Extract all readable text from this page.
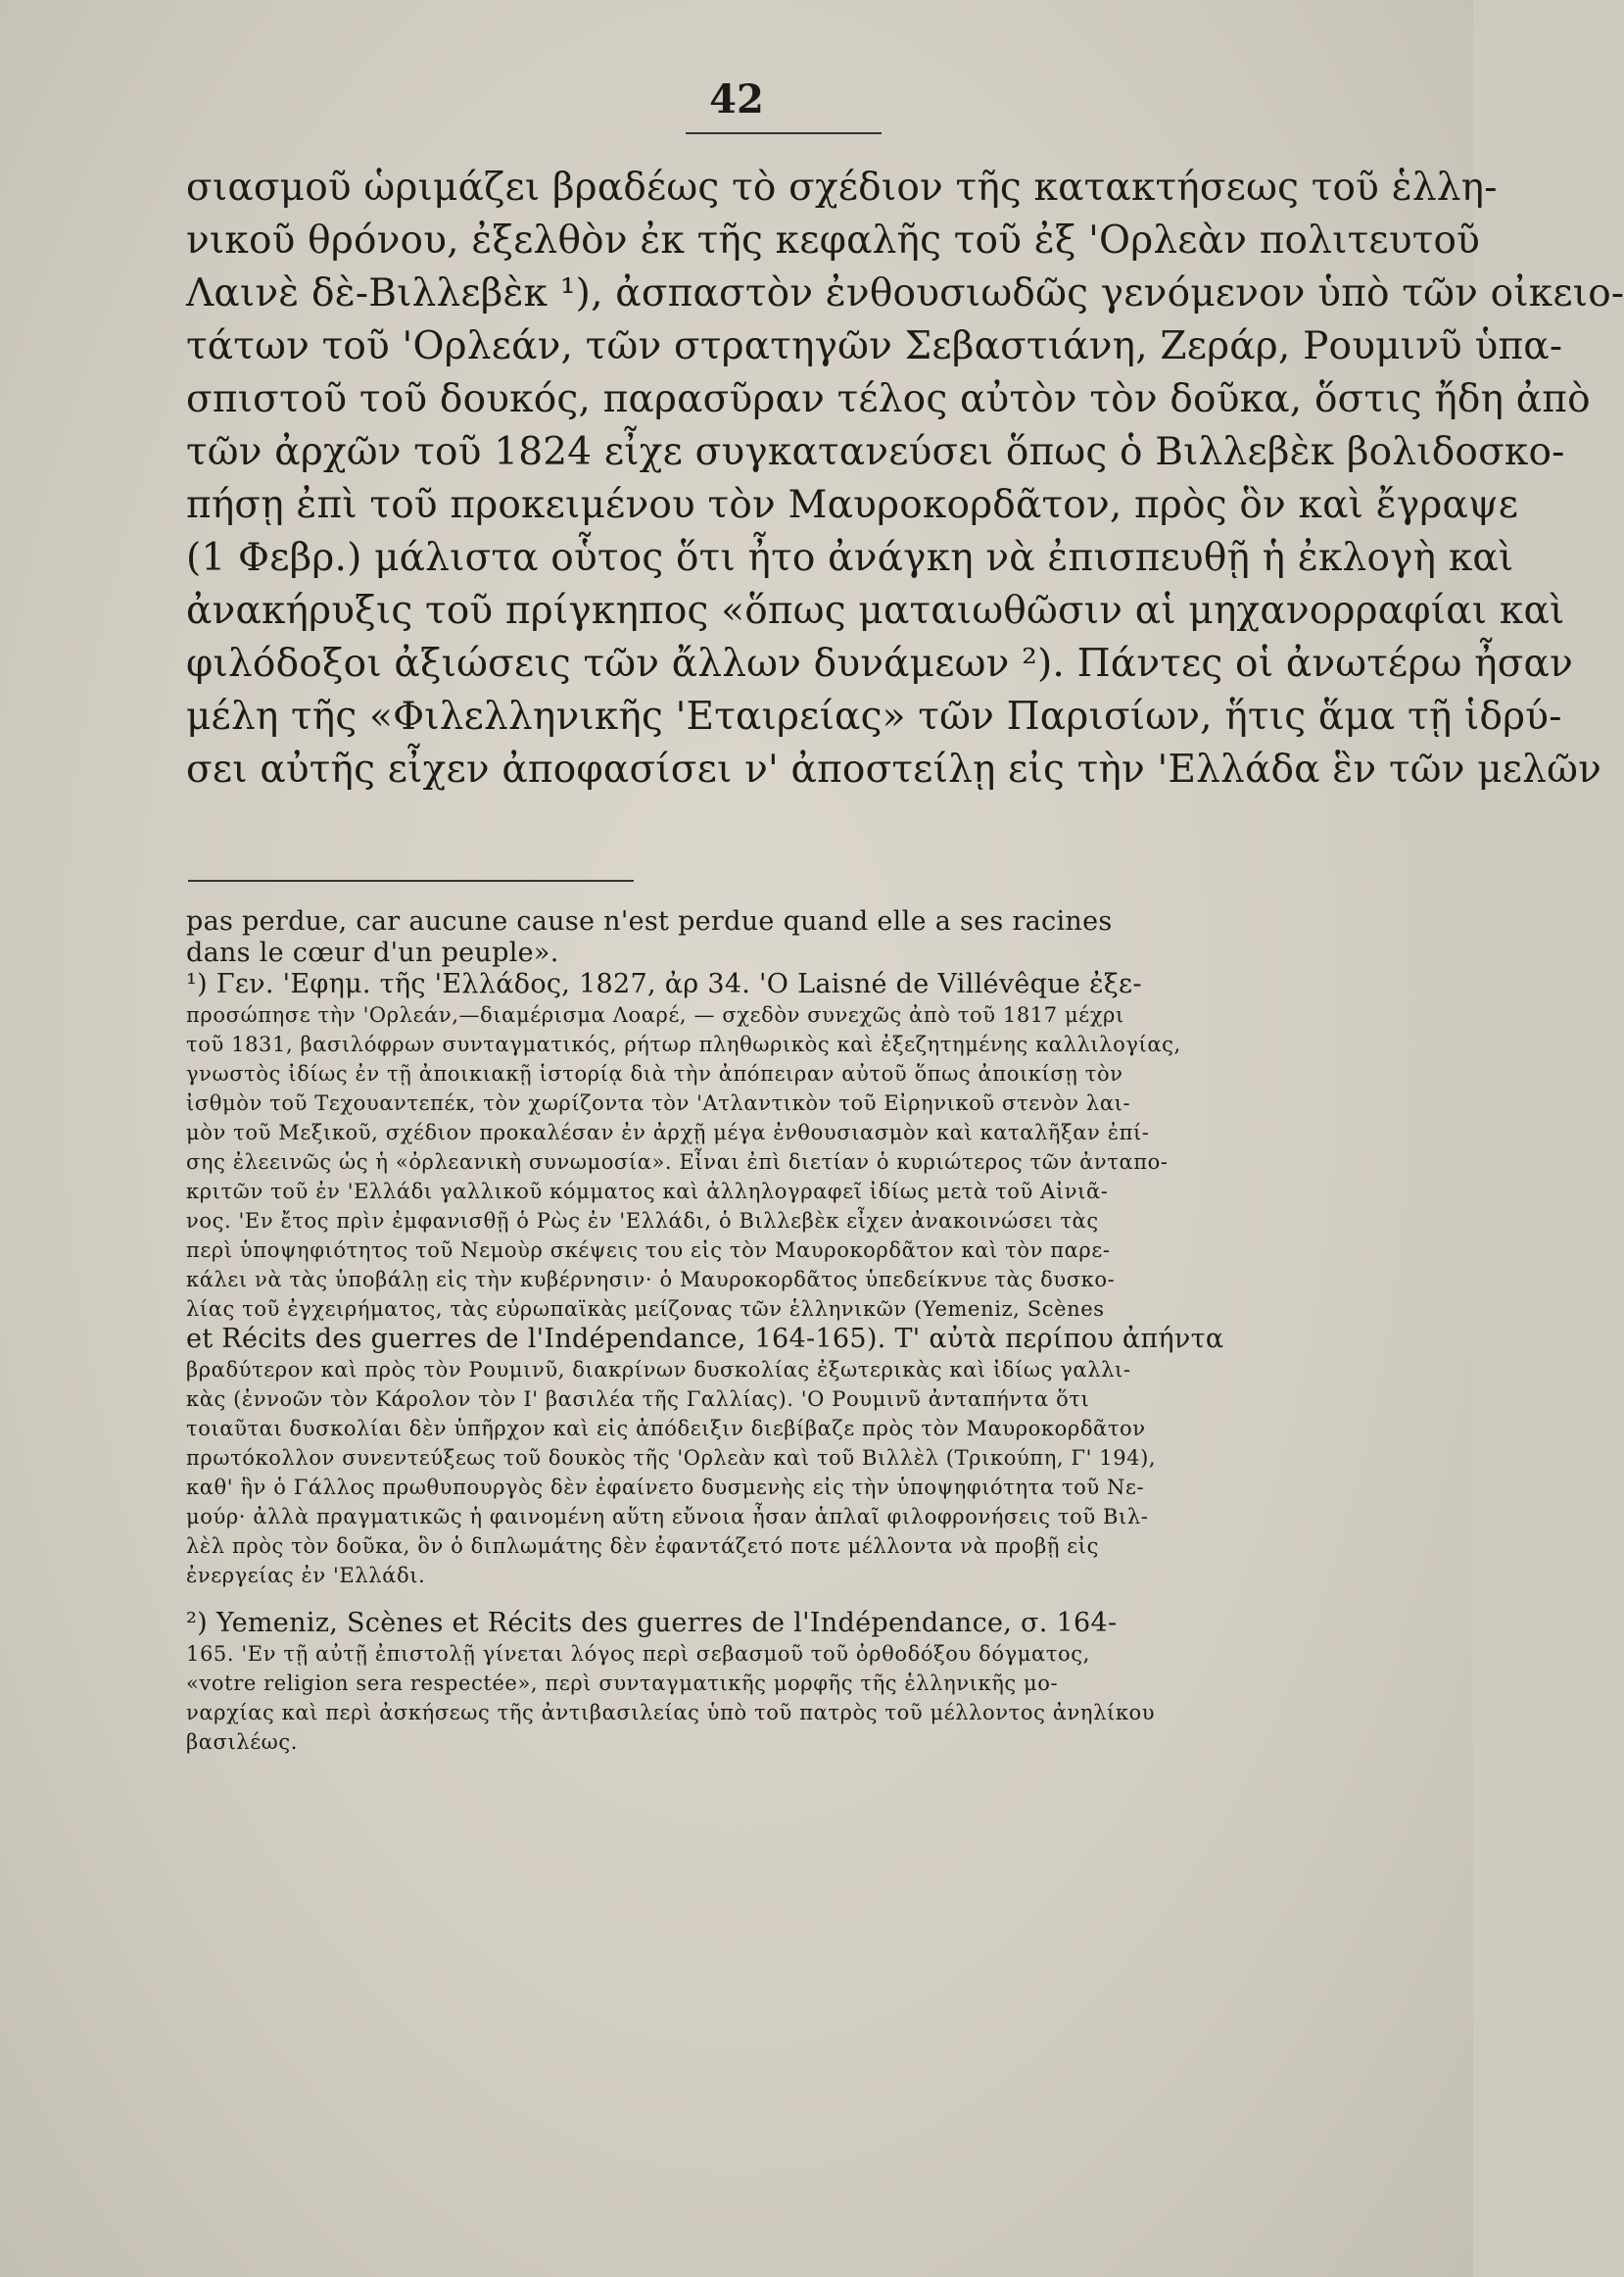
42
σιασμοῦ ὡριμάζει βραδέως τὸ σχέδιον τῆς κατακτήσεως τοῦ ἑλλη-
νικοῦ θρόνου, ἐξελθὸν ἐκ τῆς κεφαλῆς τοῦ ἐξ 'Ορλεὰν πολιτευτοῦ
Λαινὲ δὲ-Βιλλεβὲκ ¹), ἀσπαστὸν ἐνθουσιωδῶς γενόμενον ὑπὸ τῶν οἰκειο-
τάτων τοῦ 'Ορλεάν, τῶν στρατηγῶν Σεβαστιάνη, Ζεράρ, Ρουμινῦ ὑπα-
σπιστοῦ τοῦ δουκός, παρασῦραν τέλος αὐτὸν τὸν δοῦκα, ὅστις ἤδη ἀπὸ
τῶν ἀρχῶν τοῦ 1824 εἶχε συγκατανεύσει ὅπως ὁ Βιλλεβὲκ βολιδοσκο-
πήσῃ ἐπὶ τοῦ προκειμένου τὸν Μαυροκορδᾶτον, πρὸς ὃν καὶ ἔγραψε
(1 Φεβρ.) μάλιστα οὗτος ὅτι ἦτο ἀνάγκη νὰ ἐπισπευθῇ ἡ ἐκλογὴ καὶ
ἀνακήρυξις τοῦ πρίγκηπος «ὅπως ματαιωθῶσιν αἱ μηχανορραφίαι καὶ
φιλόδοξοι ἀξιώσεις τῶν ἄλλων δυνάμεων ²). Πάντες οἱ ἀνωτέρω ἦσαν
μέλη τῆς «Φιλελληνικῆς 'Εταιρείας» τῶν Παρισίων, ἥτις ἅμα τῇ ἱδρύ-
σει αὐτῆς εἶχεν ἀποφασίσει ν' ἀποστείλῃ εἰς τὴν 'Ελλάδα ἓν τῶν μελῶν
pas perdue, car aucune cause n'est perdue quand elle a ses racines
dans le cœur d'un peuple».
¹) Γεν. 'Εφημ. τῆς 'Ελλάδος, 1827, ἀρ 34. 'Ο Laisné de Villévêque ἐξε-
προσώπησε τὴν 'Ορλεάν,—διαμέρισμα Λοαρέ, — σχεδὸν συνεχῶς ἀπὸ τοῦ 1817 μέχρι
τοῦ 1831, βασιλόφρων συνταγματικός, ρήτωρ πληθωρικὸς καὶ ἐξεζητημένης καλλιλογίας,
γνωστὸς ἰδίως ἐν τῇ ἀποικιακῇ ἱστορίᾳ διὰ τὴν ἀπόπειραν αὐτοῦ ὅπως ἀποικίσῃ τὸν
ἰσθμὸν τοῦ Τεχουαντεπέκ, τὸν χωρίζοντα τὸν 'Ατλαντικὸν τοῦ Εἰρηνικοῦ στενὸν λαι-
μὸν τοῦ Μεξικοῦ, σχέδιον προκαλέσαν ἐν ἀρχῇ μέγα ἐνθουσιασμὸν καὶ καταλῆξαν ἐπί-
σης ἐλεεινῶς ὡς ἡ «ὀρλεανικὴ συνωμοσία». Εἶναι ἐπὶ διετίαν ὁ κυριώτερος τῶν ἀνταπο-
κριτῶν τοῦ ἐν 'Ελλάδι γαλλικοῦ κόμματος καὶ ἀλληλογραφεῖ ἰδίως μετὰ τοῦ Αἰνιᾶ-
νος. 'Εν ἔτος πρὶν ἐμφανισθῇ ὁ Ρὼς ἐν 'Ελλάδι, ὁ Βιλλεβὲκ εἶχεν ἀνακοινώσει τὰς
περὶ ὑποψηφιότητος τοῦ Νεμοὺρ σκέψεις του εἰς τὸν Μαυροκορδᾶτον καὶ τὸν παρε-
κάλει νὰ τὰς ὑποβάλῃ εἰς τὴν κυβέρνησιν· ὁ Μαυροκορδᾶτος ὑπεδείκνυε τὰς δυσκο-
λίας τοῦ ἐγχειρήματος, τὰς εὐρωπαϊκὰς μείζονας τῶν ἑλληνικῶν (Yemeniz, Scènes
et Récits des guerres de l'Indépendance, 164-165). Τ' αὐτὰ περίπου ἀπήντα
βραδύτερον καὶ πρὸς τὸν Ρουμινῦ, διακρίνων δυσκολίας ἐξωτερικὰς καὶ ἰδίως γαλλι-
κὰς (ἐννοῶν τὸν Κάρολον τὸν Ι' βασιλέα τῆς Γαλλίας). 'Ο Ρουμινῦ ἀνταπήντα ὅτι
τοιαῦται δυσκολίαι δὲν ὑπῆρχον καὶ εἰς ἀπόδειξιν διεβίβαζε πρὸς τὸν Μαυροκορδᾶτον
πρωτόκολλον συνεντεύξεως τοῦ δουκὸς τῆς 'Ορλεὰν καὶ τοῦ Βιλλὲλ (Τρικούπη, Γ' 194),
καθ' ἣν ὁ Γάλλος πρωθυπουργὸς δὲν ἐφαίνετο δυσμενὴς εἰς τὴν ὑποψηφιότητα τοῦ Νε-
μούρ· ἀλλὰ πραγματικῶς ἡ φαινομένη αὕτη εὔνοια ἦσαν ἁπλαῖ φιλοφρονήσεις τοῦ Βιλ-
λὲλ πρὸς τὸν δοῦκα, ὃν ὁ διπλωμάτης δὲν ἐφαντάζετό ποτε μέλλοντα νὰ προβῇ εἰς
ἐνεργείας ἐν 'Ελλάδι.
²) Yemeniz, Scènes et Récits des guerres de l'Indépendance, σ. 164-
165. 'Εν τῇ αὐτῇ ἐπιστολῇ γίνεται λόγος περὶ σεβασμοῦ τοῦ ὀρθοδόξου δόγματος,
«votre religion sera respectée», περὶ συνταγματικῆς μορφῆς τῆς ἑλληνικῆς μο-
ναρχίας καὶ περὶ ἀσκήσεως τῆς ἀντιβασιλείας ὑπὸ τοῦ πατρὸς τοῦ μέλλοντος ἀνηλίκου
βασιλέως.
